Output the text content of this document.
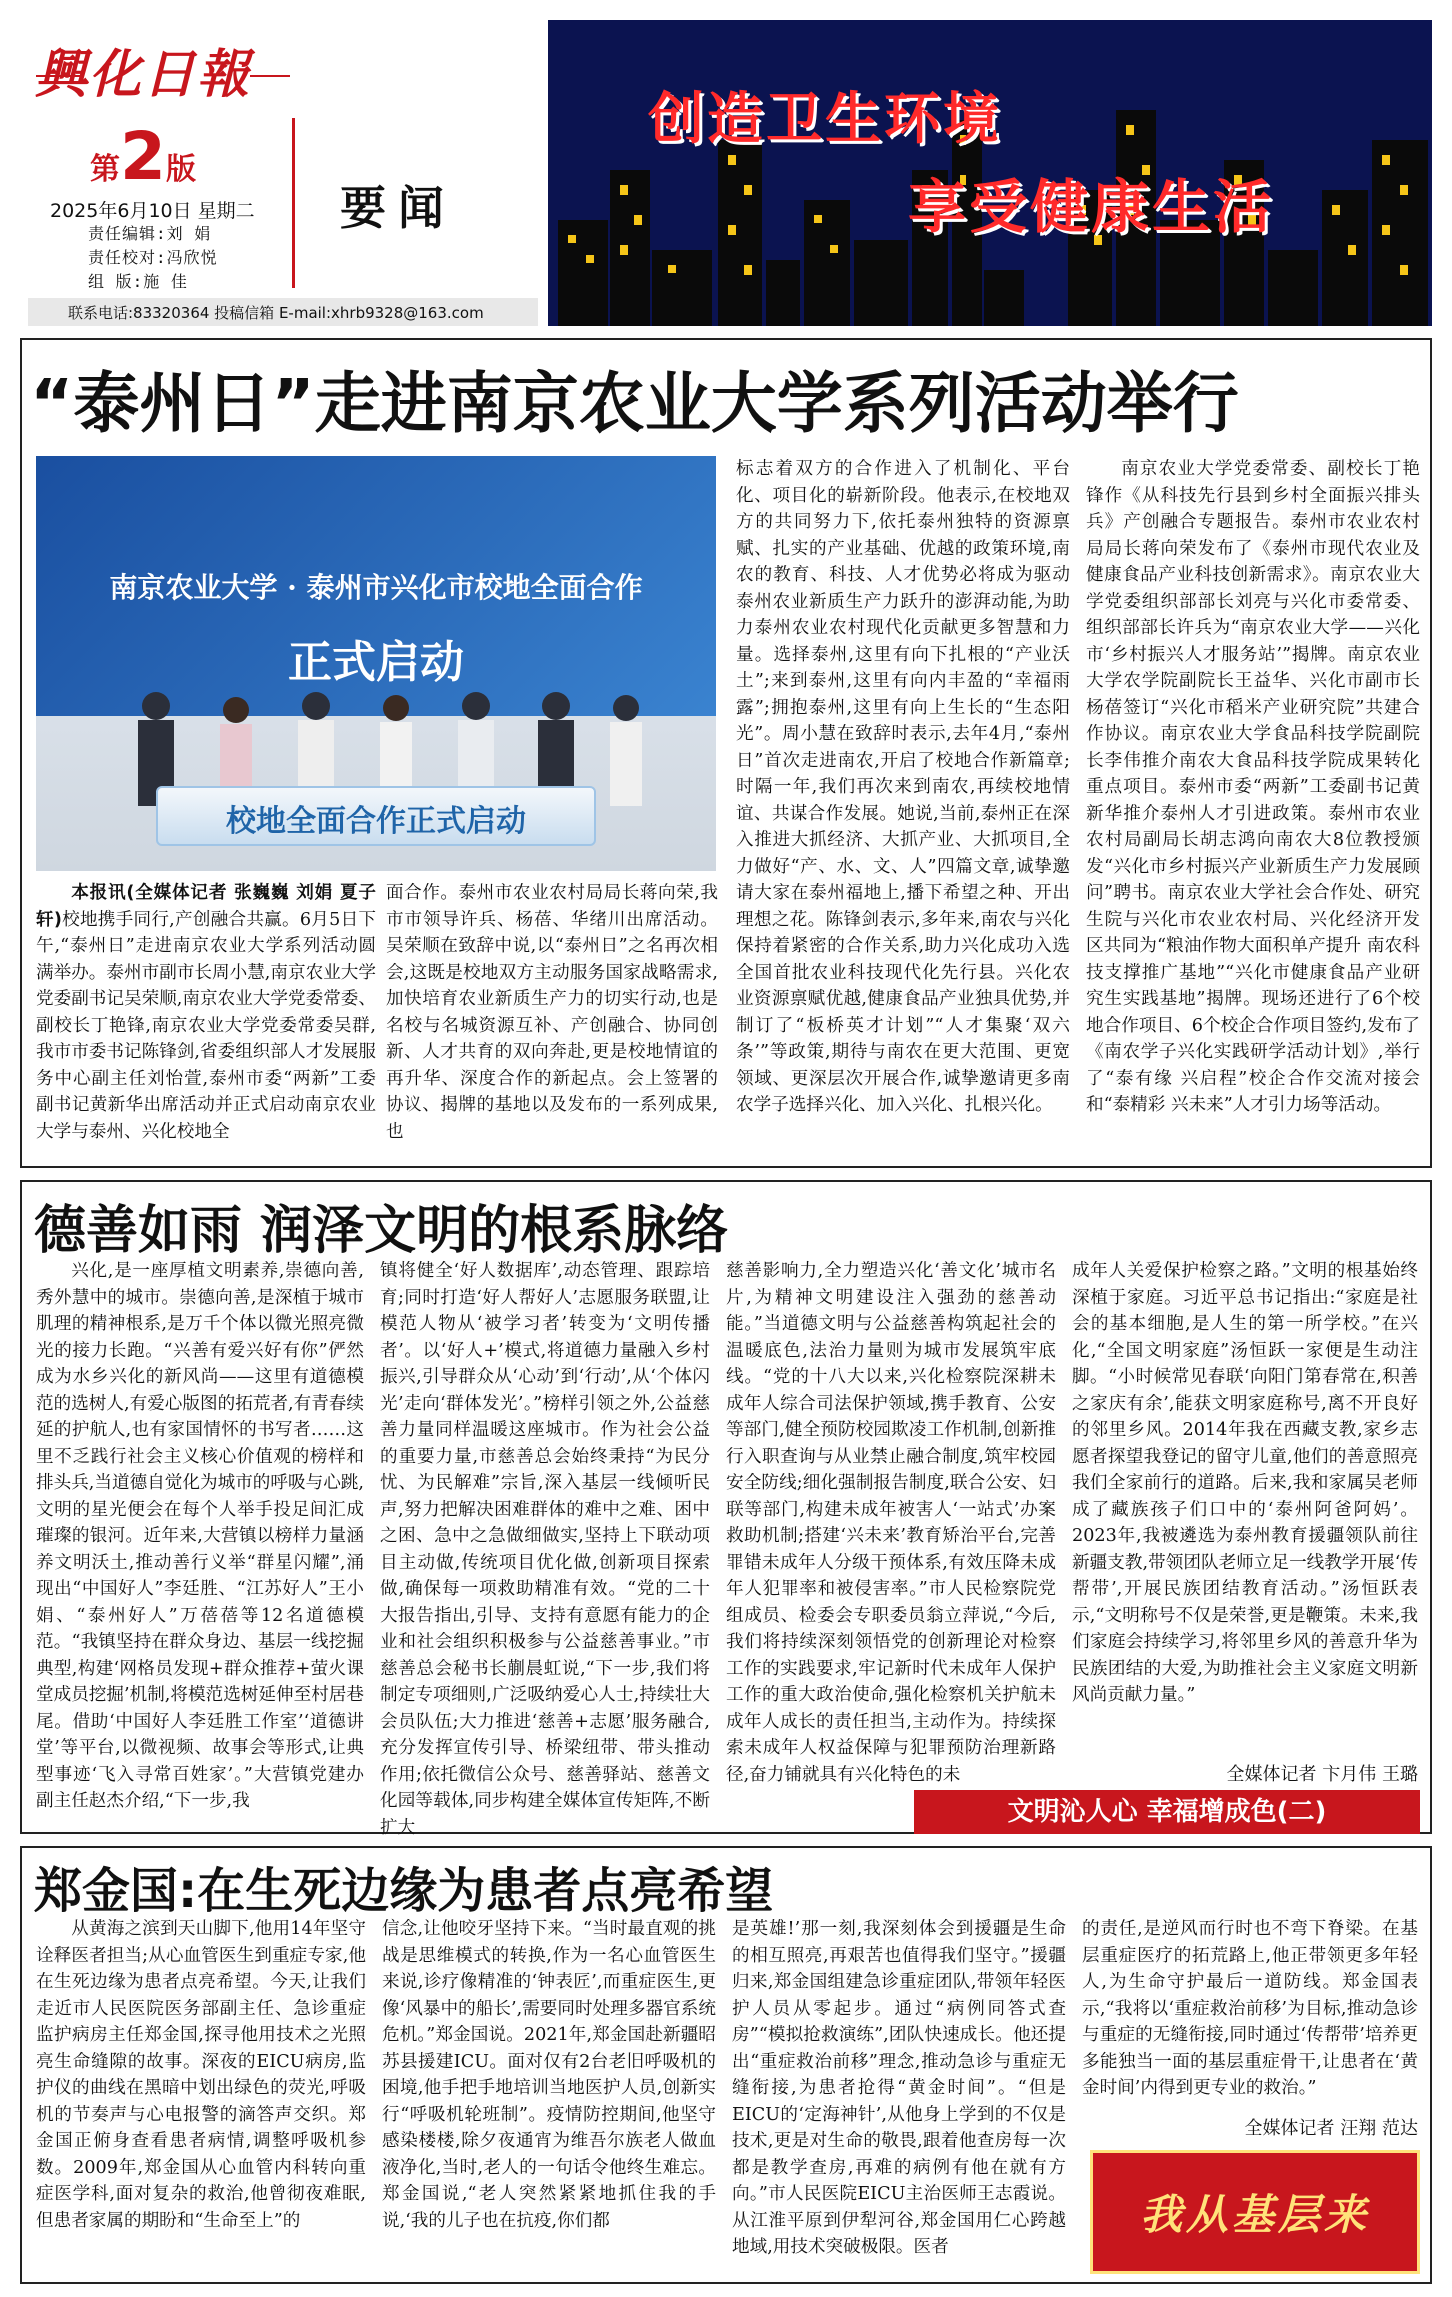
興化日報
第2版
2025年6月10日 星期二
责任编辑:刘 娟
责任校对:冯欣悦
组 版:施 佳
要闻
联系电话:83320364 投稿信箱 E-mail:xhrb9328@163.com
创造卫生环境
享受健康生活
“泰州日”走进南京农业大学系列活动举行
南京农业大学 · 泰州市兴化市校地全面合作
正式启动
校地全面合作正式启动
本报讯(全媒体记者 张巍巍 刘娟 夏子轩)校地携手同行,产创融合共赢。6月5日下午,“泰州日”走进南京农业大学系列活动圆满举办。泰州市副市长周小慧,南京农业大学党委副书记吴荣顺,南京农业大学党委常委、副校长丁艳锋,南京农业大学党委常委吴群,我市市委书记陈锋剑,省委组织部人才发展服务中心副主任刘怡萱,泰州市委“两新”工委副书记黄新华出席活动并正式启动南京农业大学与泰州、兴化校地全
面合作。泰州市农业农村局局长蒋向荣,我市市领导许兵、杨蓓、华绪川出席活动。吴荣顺在致辞中说,以“泰州日”之名再次相会,这既是校地双方主动服务国家战略需求,加快培育农业新质生产力的切实行动,也是名校与名城资源互补、产创融合、协同创新、人才共育的双向奔赴,更是校地情谊的再升华、深度合作的新起点。会上签署的协议、揭牌的基地以及发布的一系列成果,也
标志着双方的合作进入了机制化、平台化、项目化的崭新阶段。他表示,在校地双方的共同努力下,依托泰州独特的资源禀赋、扎实的产业基础、优越的政策环境,南农的教育、科技、人才优势必将成为驱动泰州农业新质生产力跃升的澎湃动能,为助力泰州农业农村现代化贡献更多智慧和力量。选择泰州,这里有向下扎根的“产业沃土”;来到泰州,这里有向内丰盈的“幸福雨露”;拥抱泰州,这里有向上生长的“生态阳光”。周小慧在致辞时表示,去年4月,“泰州日”首次走进南农,开启了校地合作新篇章;时隔一年,我们再次来到南农,再续校地情谊、共谋合作发展。她说,当前,泰州正在深入推进大抓经济、大抓产业、大抓项目,全力做好“产、水、文、人”四篇文章,诚挚邀请大家在泰州福地上,播下希望之种、开出理想之花。陈锋剑表示,多年来,南农与兴化保持着紧密的合作关系,助力兴化成功入选全国首批农业科技现代化先行县。兴化农业资源禀赋优越,健康食品产业独具优势,并制订了“板桥英才计划”“人才集聚‘双六条’”等政策,期待与南农在更大范围、更宽领域、更深层次开展合作,诚挚邀请更多南农学子选择兴化、加入兴化、扎根兴化。
南京农业大学党委常委、副校长丁艳锋作《从科技先行县到乡村全面振兴排头兵》产创融合专题报告。泰州市农业农村局局长蒋向荣发布了《泰州市现代农业及健康食品产业科技创新需求》。南京农业大学党委组织部部长刘亮与兴化市委常委、组织部部长许兵为“南京农业大学——兴化市‘乡村振兴人才服务站’”揭牌。南京农业大学农学院副院长王益华、兴化市副市长杨蓓签订“兴化市稻米产业研究院”共建合作协议。南京农业大学食品科技学院副院长李伟推介南农大食品科技学院成果转化重点项目。泰州市委“两新”工委副书记黄新华推介泰州人才引进政策。泰州市农业农村局副局长胡志鸿向南农大8位教授颁发“兴化市乡村振兴产业新质生产力发展顾问”聘书。南京农业大学社会合作处、研究生院与兴化市农业农村局、兴化经济开发区共同为“粮油作物大面积单产提升 南农科技支撑推广基地”“兴化市健康食品产业研究生实践基地”揭牌。现场还进行了6个校地合作项目、6个校企合作项目签约,发布了《南农学子兴化实践研学活动计划》,举行了“泰有缘 兴启程”校企合作交流对接会和“泰精彩 兴未来”人才引力场等活动。
德善如雨 润泽文明的根系脉络
兴化,是一座厚植文明素养,崇德向善,秀外慧中的城市。崇德向善,是深植于城市肌理的精神根系,是万千个体以微光照亮微光的接力长跑。“兴善有爱兴好有你”俨然成为水乡兴化的新风尚——这里有道德模范的选树人,有爱心版图的拓荒者,有青春续延的护航人,也有家国情怀的书写者……这里不乏践行社会主义核心价值观的榜样和排头兵,当道德自觉化为城市的呼吸与心跳,文明的星光便会在每个人举手投足间汇成璀璨的银河。近年来,大营镇以榜样力量涵养文明沃土,推动善行义举“群星闪耀”,涌现出“中国好人”李廷胜、“江苏好人”王小娟、“泰州好人”万蓓蓓等12名道德模范。“我镇坚持在群众身边、基层一线挖掘典型,构建‘网格员发现+群众推荐+萤火课堂成员挖掘’机制,将模范选树延伸至村居巷尾。借助‘中国好人李廷胜工作室’‘道德讲堂’等平台,以微视频、故事会等形式,让典型事迹‘飞入寻常百姓家’。”大营镇党建办副主任赵杰介绍,“下一步,我
镇将健全‘好人数据库’,动态管理、跟踪培育;同时打造‘好人帮好人’志愿服务联盟,让模范人物从‘被学习者’转变为‘文明传播者’。以‘好人+’模式,将道德力量融入乡村振兴,引导群众从‘心动’到‘行动’,从‘个体闪光’走向‘群体发光’。”榜样引领之外,公益慈善力量同样温暖这座城市。作为社会公益的重要力量,市慈善总会始终秉持“为民分忧、为民解难”宗旨,深入基层一线倾听民声,努力把解决困难群体的难中之难、困中之困、急中之急做细做实,坚持上下联动项目主动做,传统项目优化做,创新项目探索做,确保每一项救助精准有效。“党的二十大报告指出,引导、支持有意愿有能力的企业和社会组织积极参与公益慈善事业。”市慈善总会秘书长蒯晨虹说,“下一步,我们将制定专项细则,广泛吸纳爱心人士,持续壮大会员队伍;大力推进‘慈善+志愿’服务融合,充分发挥宣传引导、桥梁纽带、带头推动作用;依托微信公众号、慈善驿站、慈善文化园等载体,同步构建全媒体宣传矩阵,不断扩大
慈善影响力,全力塑造兴化‘善文化’城市名片,为精神文明建设注入强劲的慈善动能。”当道德文明与公益慈善构筑起社会的温暖底色,法治力量则为城市发展筑牢底线。“党的十八大以来,兴化检察院深耕未成年人综合司法保护领域,携手教育、公安等部门,健全预防校园欺凌工作机制,创新推行入职查询与从业禁止融合制度,筑牢校园安全防线;细化强制报告制度,联合公安、妇联等部门,构建未成年被害人‘一站式’办案救助机制;搭建‘兴未来’教育矫治平台,完善罪错未成年人分级干预体系,有效压降未成年人犯罪率和被侵害率。”市人民检察院党组成员、检委会专职委员翁立萍说,“今后,我们将持续深刻领悟党的创新理论对检察工作的实践要求,牢记新时代未成年人保护工作的重大政治使命,强化检察机关护航未成年人成长的责任担当,主动作为。持续探索未成年人权益保障与犯罪预防治理新路径,奋力铺就具有兴化特色的未
成年人关爱保护检察之路。”文明的根基始终深植于家庭。习近平总书记指出:“家庭是社会的基本细胞,是人生的第一所学校。”在兴化,“全国文明家庭”汤恒跃一家便是生动注脚。“小时候常见春联‘向阳门第春常在,积善之家庆有余’,能获文明家庭称号,离不开良好的邻里乡风。2014年我在西藏支教,家乡志愿者探望我登记的留守儿童,他们的善意照亮我们全家前行的道路。后来,我和家属吴老师成了藏族孩子们口中的‘泰州阿爸阿妈’。2023年,我被遴选为泰州教育援疆领队前往新疆支教,带领团队老师立足一线教学开展‘传帮带’,开展民族团结教育活动。”汤恒跃表示,“文明称号不仅是荣誉,更是鞭策。未来,我们家庭会持续学习,将邻里乡风的善意升华为民族团结的大爱,为助推社会主义家庭文明新风尚贡献力量。”
全媒体记者 卞月伟 王璐
文明沁人心 幸福增成色(二)
郑金国:在生死边缘为患者点亮希望
从黄海之滨到天山脚下,他用14年坚守诠释医者担当;从心血管医生到重症专家,他在生死边缘为患者点亮希望。今天,让我们走近市人民医院医务部副主任、急诊重症监护病房主任郑金国,探寻他用技术之光照亮生命缝隙的故事。深夜的EICU病房,监护仪的曲线在黑暗中划出绿色的荧光,呼吸机的节奏声与心电报警的滴答声交织。郑金国正俯身查看患者病情,调整呼吸机参数。2009年,郑金国从心血管内科转向重症医学科,面对复杂的救治,他曾彻夜难眠,但患者家属的期盼和“生命至上”的
信念,让他咬牙坚持下来。“当时最直观的挑战是思维模式的转换,作为一名心血管医生来说,诊疗像精准的‘钟表匠’,而重症医生,更像‘风暴中的船长’,需要同时处理多器官系统危机。”郑金国说。2021年,郑金国赴新疆昭苏县援建ICU。面对仅有2台老旧呼吸机的困境,他手把手地培训当地医护人员,创新实行“呼吸机轮班制”。疫情防控期间,他坚守感染楼楼,除夕夜通宵为维吾尔族老人做血液净化,当时,老人的一句话令他终生难忘。郑金国说,“老人突然紧紧地抓住我的手说,‘我的儿子也在抗疫,你们都
是英雄!’那一刻,我深刻体会到援疆是生命的相互照亮,再艰苦也值得我们坚守。”援疆归来,郑金国组建急诊重症团队,带领年轻医护人员从零起步。通过“病例同答式查房”“模拟抢救演练”,团队快速成长。他还提出“重症救治前移”理念,推动急诊与重症无缝衔接,为患者抢得“黄金时间”。“但是EICU的‘定海神针’,从他身上学到的不仅是技术,更是对生命的敬畏,跟着他查房每一次都是教学查房,再难的病例有他在就有方向。”市人民医院EICU主治医师王志霞说。从江淮平原到伊犁河谷,郑金国用仁心跨越地域,用技术突破极限。医者
的责任,是逆风而行时也不弯下脊梁。在基层重症医疗的拓荒路上,他正带领更多年轻人,为生命守护最后一道防线。郑金国表示,“我将以‘重症救治前移’为目标,推动急诊与重症的无缝衔接,同时通过‘传帮带’培养更多能独当一面的基层重症骨干,让患者在‘黄金时间’内得到更专业的救治。”
全媒体记者 汪翔 范达
我从基层来
